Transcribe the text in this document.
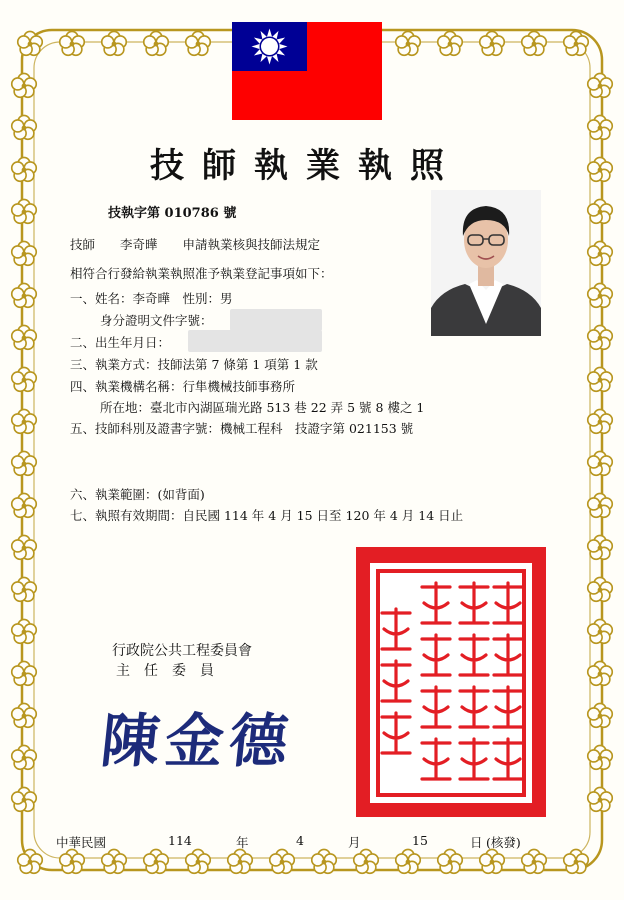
技師執業執照
技執字第 010786 號
技師　　李奇曄　　申請執業核與技師法規定
相符合行發給執業執照准予執業登記事項如下：
一、姓名：李奇曄　性別：男
身分證明文件字號：
二、出生年月日：
三、執業方式：技師法第 7 條第 1 項第 1 款
四、執業機構名稱：行隼機械技師事務所
所在地：臺北市內湖區瑞光路 513 巷 22 弄 5 號 8 樓之 1
五、技師科別及證書字號：機械工程科　技證字第 021153 號
六、執業範圍：(如背面)
七、執照有效期間：自民國 114 年 4 月 15 日至 120 年 4 月 14 日止
行政院公共工程委員會
主任委員
陳金德
中華民國	114	年	4	月	15	日 (核發)
